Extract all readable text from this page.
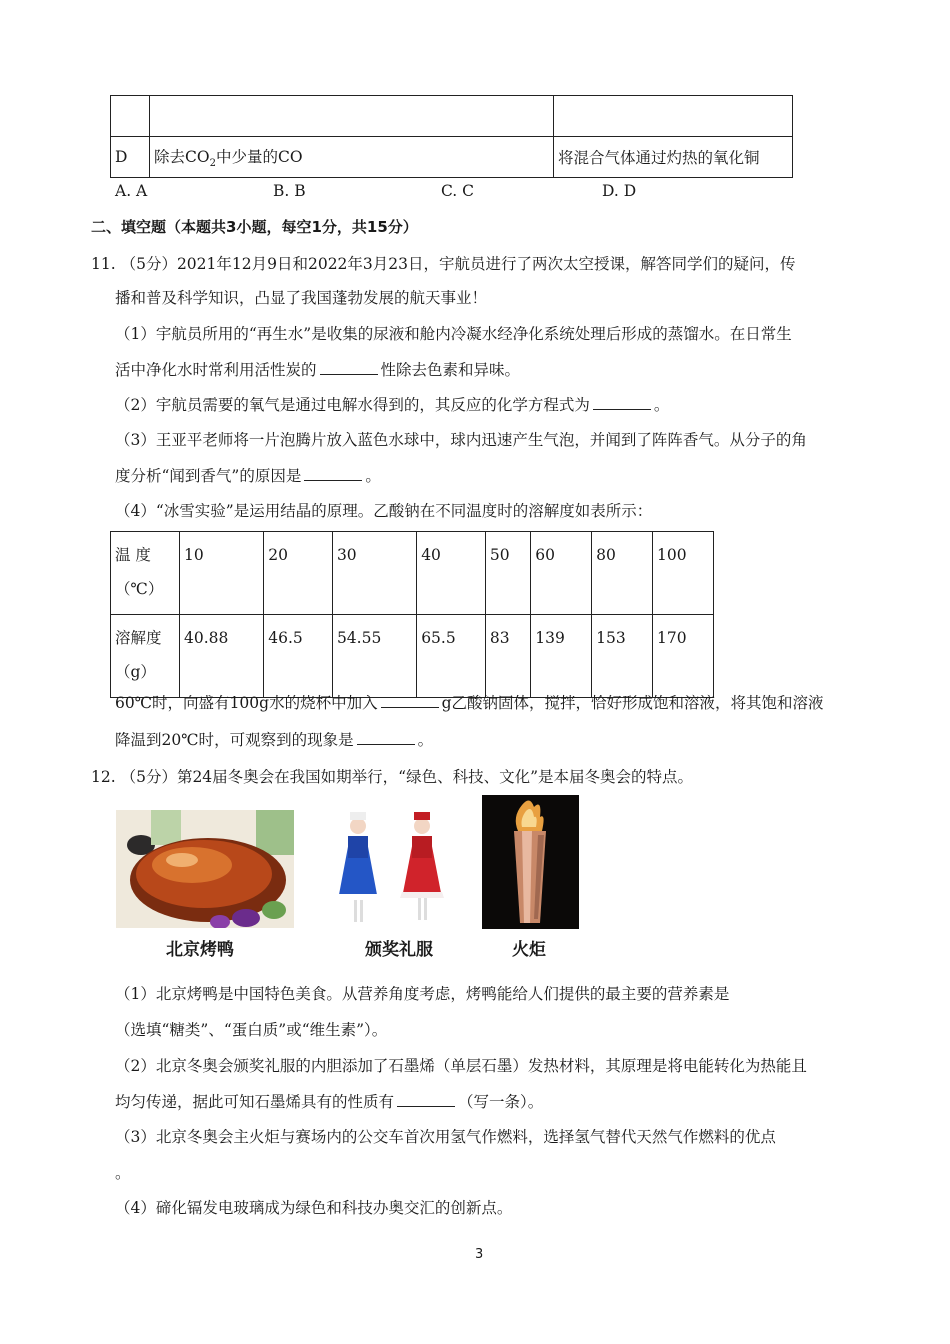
D	除去$CO_2$中少量的CO	将混合气体通过灼热的氧化铜
A. A	B. B	C. C	D. D
二、填空题（本题共3小题，每空1分，共15分）
11. （5分）2021年12月9日和2022年3月23日，宇航员进行了两次太空授课，解答同学们的疑问，传
播和普及科学知识，凸显了我国蓬勃发展的航天事业！
（1）宇航员所用的“再生水”是收集的尿液和舱内冷凝水经净化系统处理后形成的蒸馏水。在日常生
活中净化水时常利用活性炭的	性除去色素和异味。
（2）宇航员需要的氧气是通过电解水得到的，其反应的化学方程式为	。
（3）王亚平老师将一片泡腾片放入蓝色水球中，球内迅速产生气泡，并闻到了阵阵香气。从分子的角
度分析“闻到香气”的原因是	。
（4）“冰雪实验”是运用结晶的原理。乙酸钠在不同温度时的溶解度如表所示：
温 度（℃）	10	20	30	40	50	60	80	100
溶解度（g）	40.88	46.5	54.55	65.5	83	139	153	170
60℃时，向盛有100g水的烧杯中加入	g乙酸钠固体，搅拌，恰好形成饱和溶液，将其饱和溶液
降温到20℃时，可观察到的现象是	。
12. （5分）第24届冬奥会在我国如期举行，“绿色、科技、文化”是本届冬奥会的特点。
北京烤鸭	颁奖礼服	火炬
（1）北京烤鸭是中国特色美食。从营养角度考虑，烤鸭能给人们提供的最主要的营养素是
（选填“糖类”、“蛋白质”或“维生素”）。
（2）北京冬奥会颁奖礼服的内胆添加了石墨烯（单层石墨）发热材料，其原理是将电能转化为热能且
均匀传递，据此可知石墨烯具有的性质有	（写一条）。
（3）北京冬奥会主火炬与赛场内的公交车首次用氢气作燃料，选择氢气替代天然气作燃料的优点
。
（4）碲化镉发电玻璃成为绿色和科技办奥交汇的创新点。
3
